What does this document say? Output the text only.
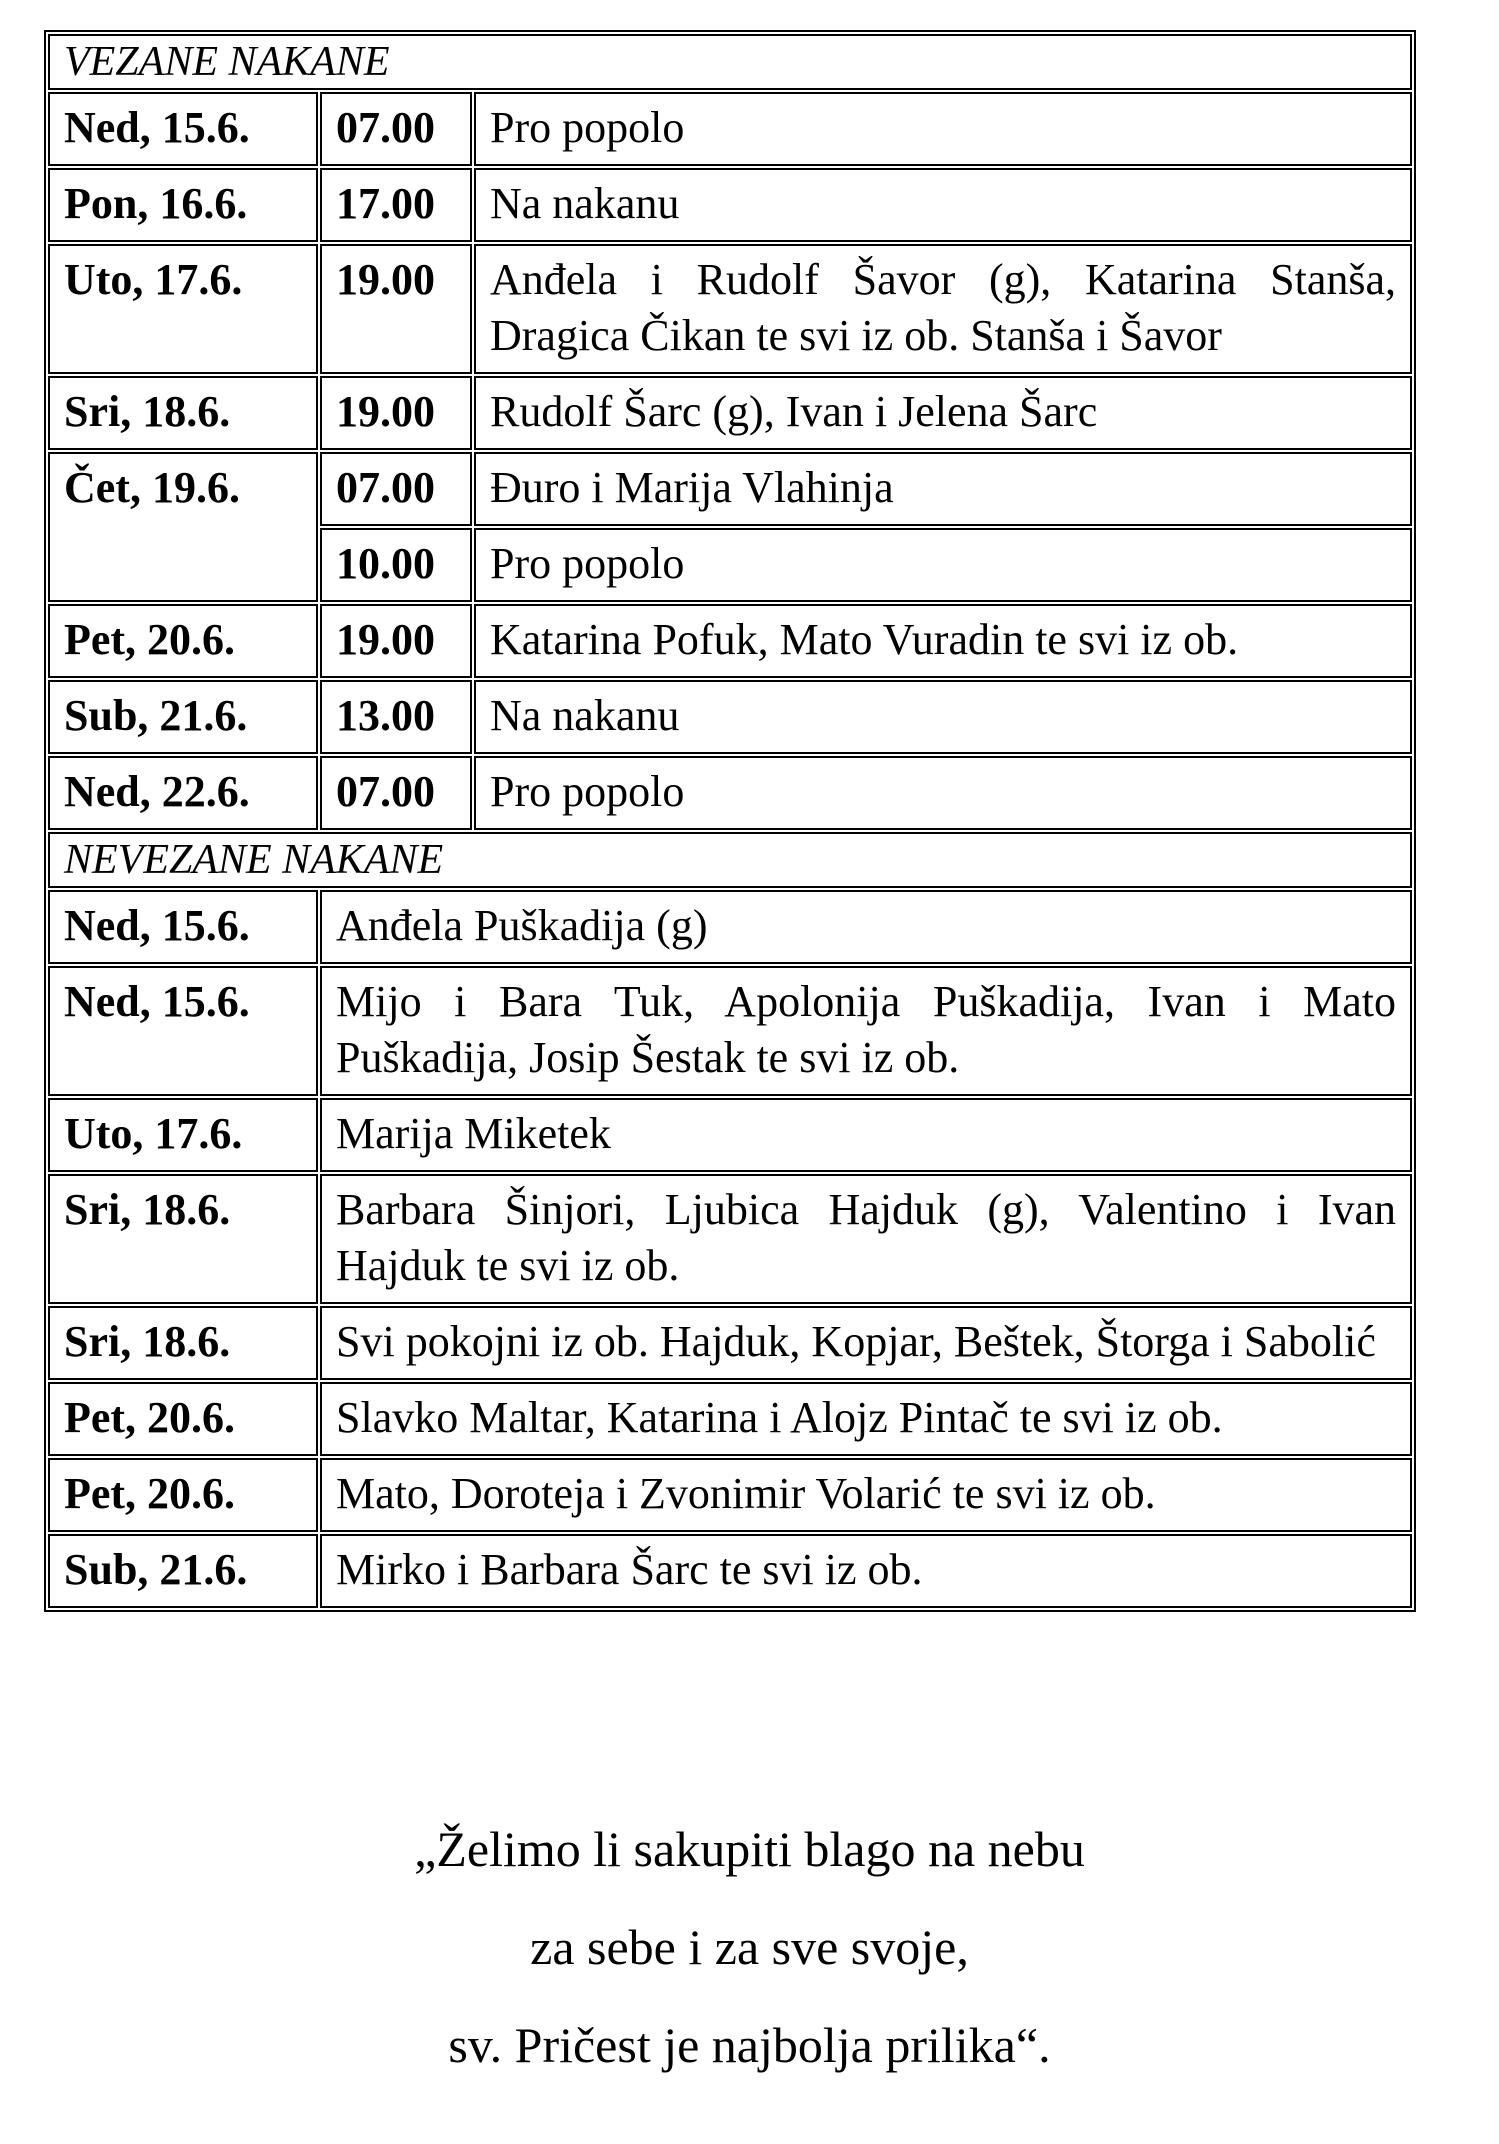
VEZANE NAKANE		
Ned, 15.6.	07.00	Pro popolo
Pon, 16.6.	17.00	Na nakanu
Uto, 17.6.	19.00	Anđela i Rudolf Šavor (g), Katarina Stanša, Dragica Čikan te svi iz ob. Stanša i Šavor
Sri, 18.6.	19.00	Rudolf Šarc (g), Ivan i Jelena Šarc
Čet, 19.6.	07.00	Đuro i Marija Vlahinja
	10.00	Pro popolo
Pet, 20.6.	19.00	Katarina Pofuk, Mato Vuradin te svi iz ob.
Sub, 21.6.	13.00	Na nakanu
Ned, 22.6.	07.00	Pro popolo
NEVEZANE NAKANE		
Ned, 15.6.	Anđela Puškadija (g)	
Ned, 15.6.	Mijo i Bara Tuk, Apolonija Puškadija, Ivan i Mato Puškadija, Josip Šestak te svi iz ob.	
Uto, 17.6.	Marija Miketek	
Sri, 18.6.	Barbara Šinjori, Ljubica Hajduk (g), Valentino i Ivan Hajduk te svi iz ob.	
Sri, 18.6.	Svi pokojni iz ob. Hajduk, Kopjar, Beštek, Štorga i Sabolić	
Pet, 20.6.	Slavko Maltar, Katarina i Alojz Pintač te svi iz ob.	
Pet, 20.6.	Mato, Doroteja i Zvonimir Volarić te svi iz ob.	
Sub, 21.6.	Mirko i Barbara Šarc te svi iz ob.	
„Želimo li sakupiti blago na nebu
za sebe i za sve svoje,
sv. Pričest je najbolja prilika“.
